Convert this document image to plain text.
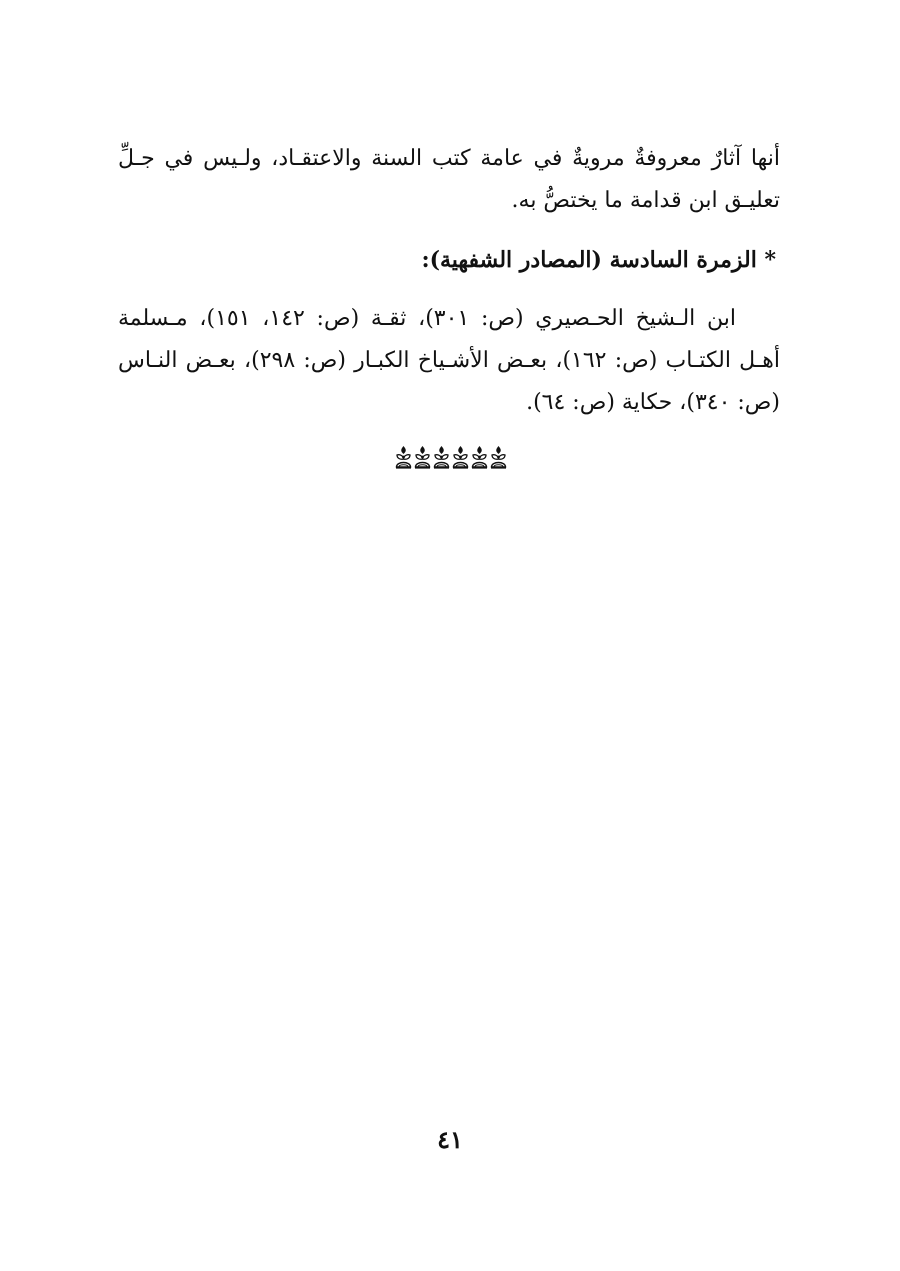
أنها آثارٌ معروفةٌ مرويةٌ في عامة كتب السنة والاعتقـاد، ولـيس في جـلِّ تعليـق ابن قدامة ما يختصُّ به.

* الزمرة السادسة (المصادر الشفهية):

ابن الـشيخ الحـصيري (ص: ٣٠١)، ثقـة (ص: ١٤٢، ١٥١)، مـسلمة أهـل الكتـاب (ص: ١٦٢)، بعـض الأشـياخ الكبـار (ص: ٢٩٨)، بعـض النـاس (ص: ٣٤٠)، حكاية (ص: ٦٤).

٤١
